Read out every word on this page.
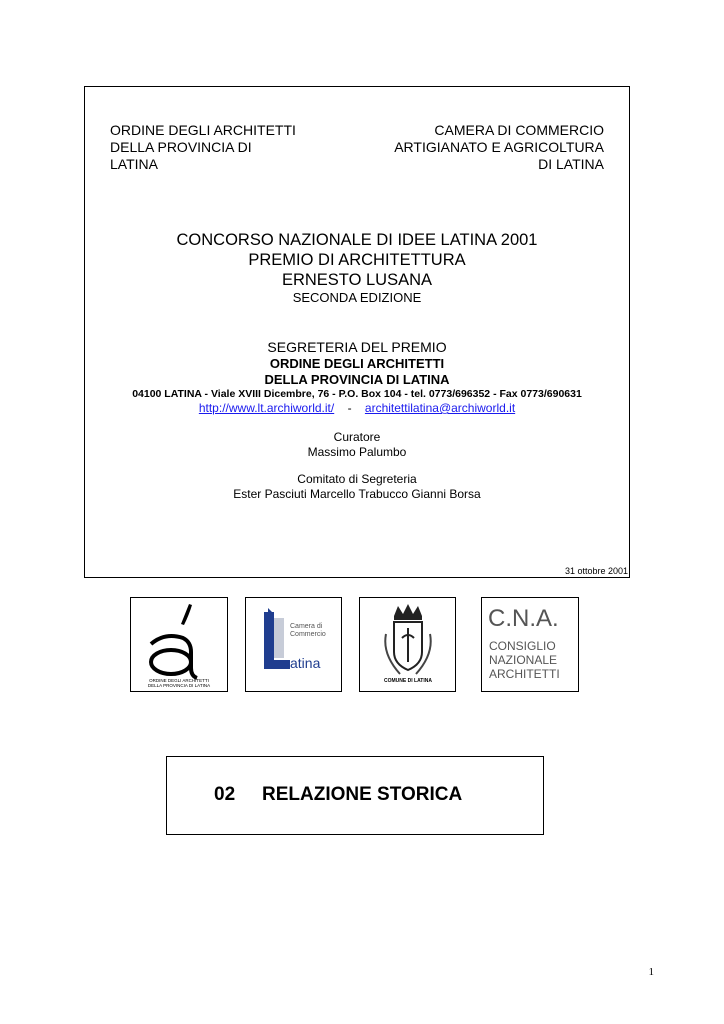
ORDINE DEGLI ARCHITETTI
DELLA PROVINCIA DI
LATINA
CAMERA DI COMMERCIO
ARTIGIANATO E AGRICOLTURA
DI LATINA
CONCORSO NAZIONALE DI IDEE LATINA 2001
PREMIO DI ARCHITETTURA
ERNESTO LUSANA
SECONDA EDIZIONE
SEGRETERIA DEL PREMIO
ORDINE DEGLI ARCHITETTI
DELLA PROVINCIA DI LATINA
04100 LATINA - Viale XVIII Dicembre, 76 - P.O. Box 104 - tel. 0773/696352 - Fax 0773/690631
http://www.lt.archiworld.it/ - architettilatina@archiworld.it
Curatore
Massimo Palumbo
Comitato di Segreteria
Ester Pasciuti Marcello Trabucco Gianni Borsa
31 ottobre 2001
ORDINE DEGLI ARCHITETTI
DELLA PROVINCIA DI LATINA
Camera di
Commercio
atina
COMUNE DI LATINA
C.N.A.
CONSIGLIO
NAZIONALE
ARCHITETTI
02 RELAZIONE STORICA
1
